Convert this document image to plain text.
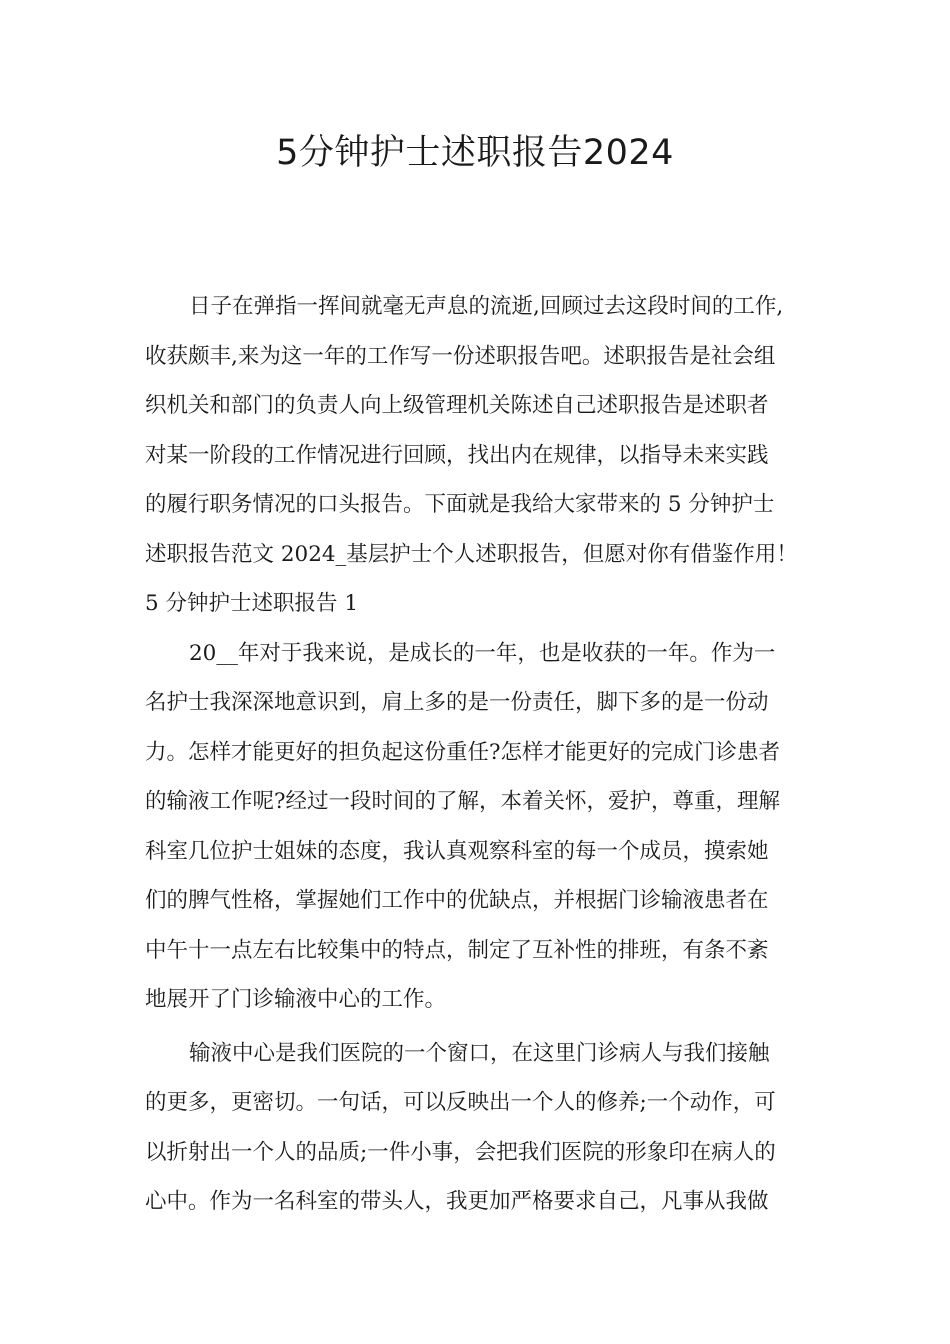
5分钟护士述职报告2024
日子在弹指一挥间就毫无声息的流逝,回顾过去这段时间的工作,
收获颇丰,来为这一年的工作写一份述职报告吧。述职报告是社会组
织机关和部门的负责人向上级管理机关陈述自己述职报告是述职者
对某一阶段的工作情况进行回顾，找出内在规律，以指导未来实践
的履行职务情况的口头报告。下面就是我给大家带来的 5 分钟护士
述职报告范文 2024_基层护士个人述职报告，但愿对你有借鉴作用！
5 分钟护士述职报告 1
20__年对于我来说，是成长的一年，也是收获的一年。作为一
名护士我深深地意识到，肩上多的是一份责任，脚下多的是一份动
力。怎样才能更好的担负起这份重任?怎样才能更好的完成门诊患者
的输液工作呢?经过一段时间的了解，本着关怀，爱护，尊重，理解
科室几位护士姐妹的态度，我认真观察科室的每一个成员，摸索她
们的脾气性格，掌握她们工作中的优缺点，并根据门诊输液患者在
中午十一点左右比较集中的特点，制定了互补性的排班，有条不紊
地展开了门诊输液中心的工作。
输液中心是我们医院的一个窗口，在这里门诊病人与我们接触
的更多，更密切。一句话，可以反映出一个人的修养;一个动作，可
以折射出一个人的品质;一件小事，会把我们医院的形象印在病人的
心中。作为一名科室的带头人，我更加严格要求自己，凡事从我做
